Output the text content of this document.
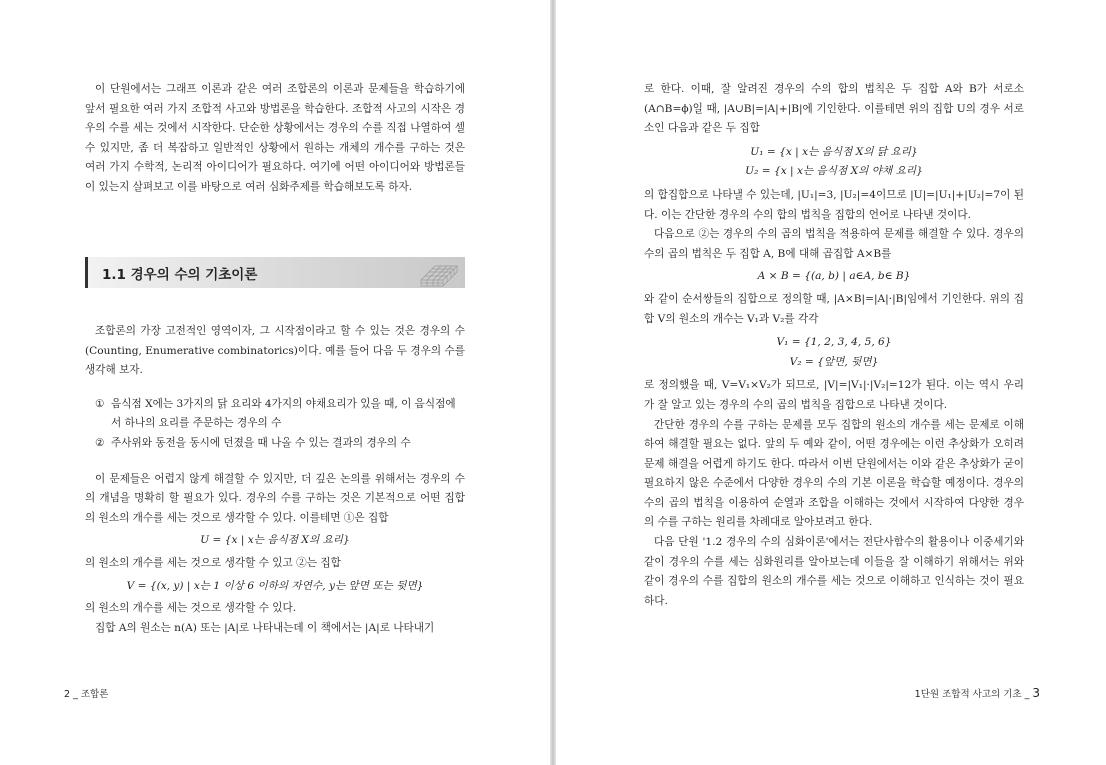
이 단원에서는 그래프 이론과 같은 여러 조합론의 이론과 문제들을 학습하기에 앞서 필요한 여러 가지 조합적 사고와 방법론을 학습한다. 조합적 사고의 시작은 경우의 수를 세는 것에서 시작한다. 단순한 상황에서는 경우의 수를 직접 나열하여 셀 수 있지만, 좀 더 복잡하고 일반적인 상황에서 원하는 개체의 개수를 구하는 것은 여러 가지 수학적, 논리적 아이디어가 필요하다. 여기에 어떤 아이디어와 방법론들이 있는지 살펴보고 이를 바탕으로 여러 심화주제를 학습해보도록 하자.

1.1 경우의 수의 기초이론

조합론의 가장 고전적인 영역이자, 그 시작점이라고 할 수 있는 것은 경우의 수 (Counting, Enumerative combinatorics)이다. 예를 들어 다음 두 경우의 수를 생각해 보자.

① 음식점 X에는 3가지의 닭 요리와 4가지의 야채요리가 있을 때, 이 음식점에서 하나의 요리를 주문하는 경우의 수
② 주사위와 동전을 동시에 던졌을 때 나올 수 있는 결과의 경우의 수

이 문제들은 어렵지 않게 해결할 수 있지만, 더 깊은 논의를 위해서는 경우의 수의 개념을 명확히 할 필요가 있다. 경우의 수를 구하는 것은 기본적으로 어떤 집합의 원소의 개수를 세는 것으로 생각할 수 있다. 이를테면 ①은 집합

U = {x | x는 음식점 X의 요리}

의 원소의 개수를 세는 것으로 생각할 수 있고 ②는 집합

V = {(x, y) | x는 1 이상 6 이하의 자연수, y는 앞면 또는 뒷면}

의 원소의 개수를 세는 것으로 생각할 수 있다.

집합 A의 원소는 n(A) 또는 |A|로 나타내는데 이 책에서는 |A|로 나타내기

2 _ 조합론

로 한다. 이때, 잘 알려진 경우의 수의 합의 법칙은 두 집합 A와 B가 서로소 (A∩B=ϕ)일 때, |A∪B|=|A|+|B|에 기인한다. 이를테면 위의 집합 U의 경우 서로소인 다음과 같은 두 집합

U₁ = {x | x는 음식점 X의 닭 요리}

U₂ = {x | x는 음식점 X의 야채 요리}

의 합집합으로 나타낼 수 있는데, |U₁|=3, |U₂|=4이므로 |U|=|U₁|+|U₂|=7이 된다. 이는 간단한 경우의 수의 합의 법칙을 집합의 언어로 나타낸 것이다.

다음으로 ②는 경우의 수의 곱의 법칙을 적용하여 문제를 해결할 수 있다. 경우의 수의 곱의 법칙은 두 집합 A, B에 대해 곱집합 A×B를

A × B = {(a, b) | a∈A, b∈ B}

와 같이 순서쌍들의 집합으로 정의할 때, |A×B|=|A|·|B|임에서 기인한다. 위의 집합 V의 원소의 개수는 V₁과 V₂를 각각

V₁ = {1, 2, 3, 4, 5, 6}

V₂ = {앞면, 뒷면}

로 정의했을 때, V=V₁×V₂가 되므로, |V|=|V₁|·|V₂|=12가 된다. 이는 역시 우리가 잘 알고 있는 경우의 수의 곱의 법칙을 집합으로 나타낸 것이다.

간단한 경우의 수를 구하는 문제를 모두 집합의 원소의 개수를 세는 문제로 이해하여 해결할 필요는 없다. 앞의 두 예와 같이, 어떤 경우에는 이런 추상화가 오히려 문제 해결을 어렵게 하기도 한다. 따라서 이번 단원에서는 이와 같은 추상화가 굳이 필요하지 않은 수준에서 다양한 경우의 수의 기본 이론을 학습할 예정이다. 경우의 수의 곱의 법칙을 이용하여 순열과 조합을 이해하는 것에서 시작하여 다양한 경우의 수를 구하는 원리를 차례대로 알아보려고 한다.

다음 단원 '1.2 경우의 수의 심화이론'에서는 전단사함수의 활용이나 이중세기와 같이 경우의 수를 세는 심화원리를 알아보는데 이들을 잘 이해하기 위해서는 위와 같이 경우의 수를 집합의 원소의 개수를 세는 것으로 이해하고 인식하는 것이 필요하다.

1단원 조합적 사고의 기초 _ 3
